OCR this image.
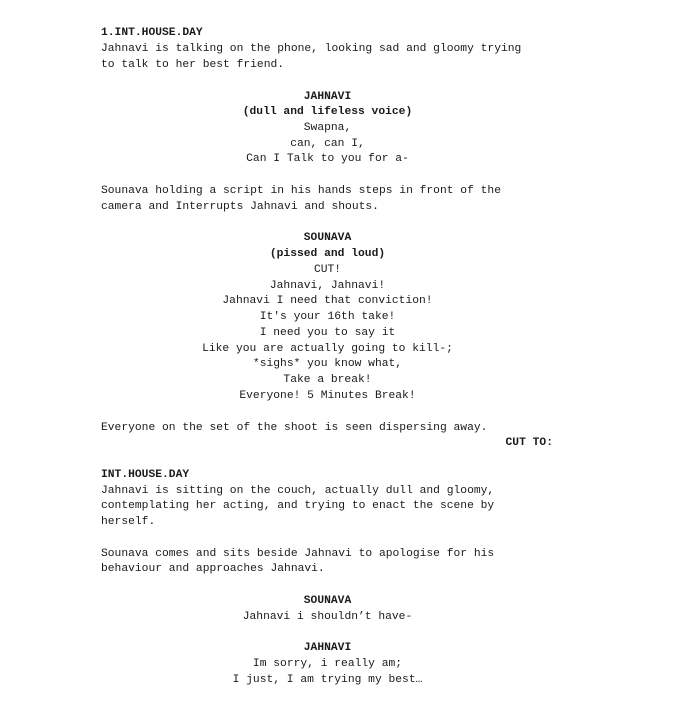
1.INT.HOUSE.DAY
Jahnavi is talking on the phone, looking sad and gloomy trying
to talk to her best friend.
JAHNAVI
(dull and lifeless voice)
Swapna,
can, can I,
Can I Talk to you for a-
Sounava holding a script in his hands steps in front of the
camera and Interrupts Jahnavi and shouts.
SOUNAVA
(pissed and loud)
CUT!
Jahnavi, Jahnavi!
Jahnavi I need that conviction!
It's your 16th take!
I need you to say it
Like you are actually going to kill-;
*sighs* you know what,
Take a break!
Everyone! 5 Minutes Break!
Everyone on the set of the shoot is seen dispersing away.
CUT TO:
INT.HOUSE.DAY
Jahnavi is sitting on the couch, actually dull and gloomy,
contemplating her acting, and trying to enact the scene by
herself.
Sounava comes and sits beside Jahnavi to apologise for his
behaviour and approaches Jahnavi.
SOUNAVA
Jahnavi i shouldn’t have-
JAHNAVI
Im sorry, i really am;
I just, I am trying my best…
